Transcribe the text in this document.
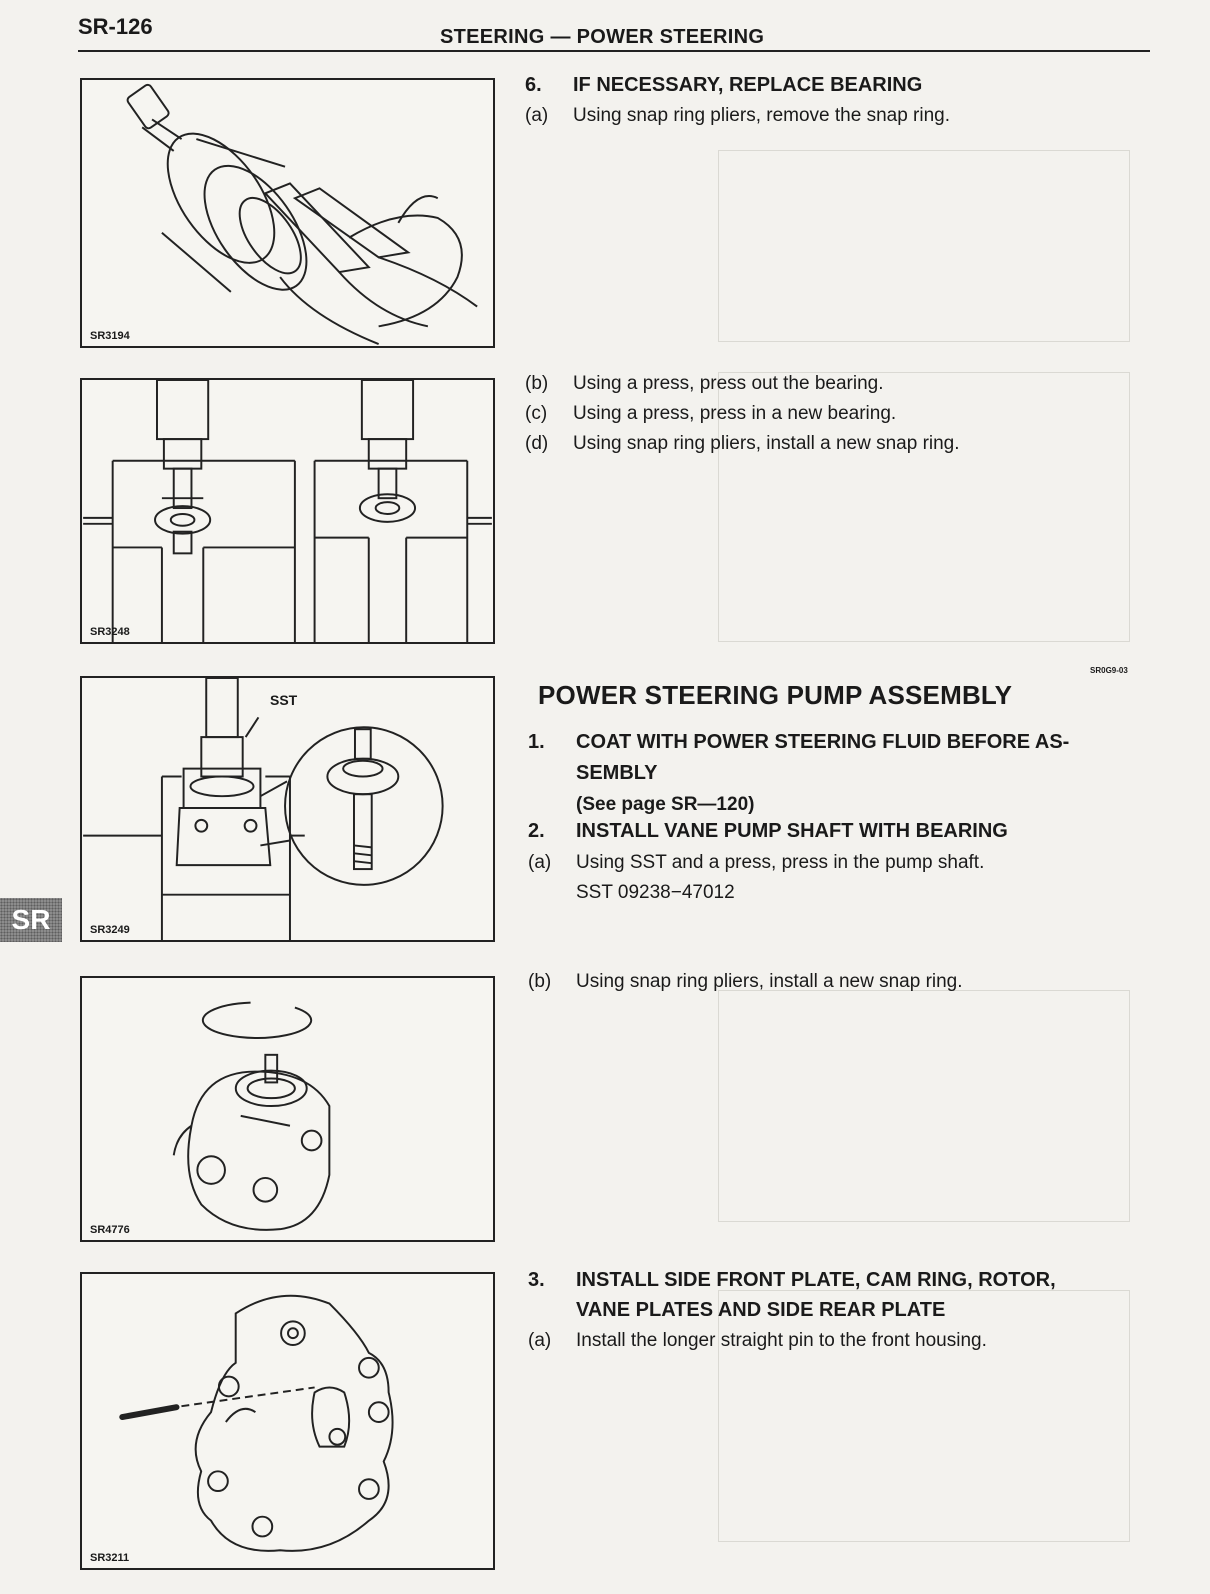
SR-126	STEERING — POWER STEERING
SR
SR3194
SR3248
SST
SR3249
SR4776
SR3211
6. IF NECESSARY, REPLACE BEARING
(a) Using snap ring pliers, remove the snap ring.
(b) Using a press, press out the bearing.
(c) Using a press, press in a new bearing.
(d) Using snap ring pliers, install a new snap ring.
SR0G9-03
POWER STEERING PUMP ASSEMBLY
1. COAT WITH POWER STEERING FLUID BEFORE AS-
SEMBLY
(See page SR—120)
2. INSTALL VANE PUMP SHAFT WITH BEARING
(a) Using SST and a press, press in the pump shaft.
SST 09238−47012
(b) Using snap ring pliers, install a new snap ring.
3. INSTALL SIDE FRONT PLATE, CAM RING, ROTOR,
VANE PLATES AND SIDE REAR PLATE
(a) Install the longer straight pin to the front housing.
